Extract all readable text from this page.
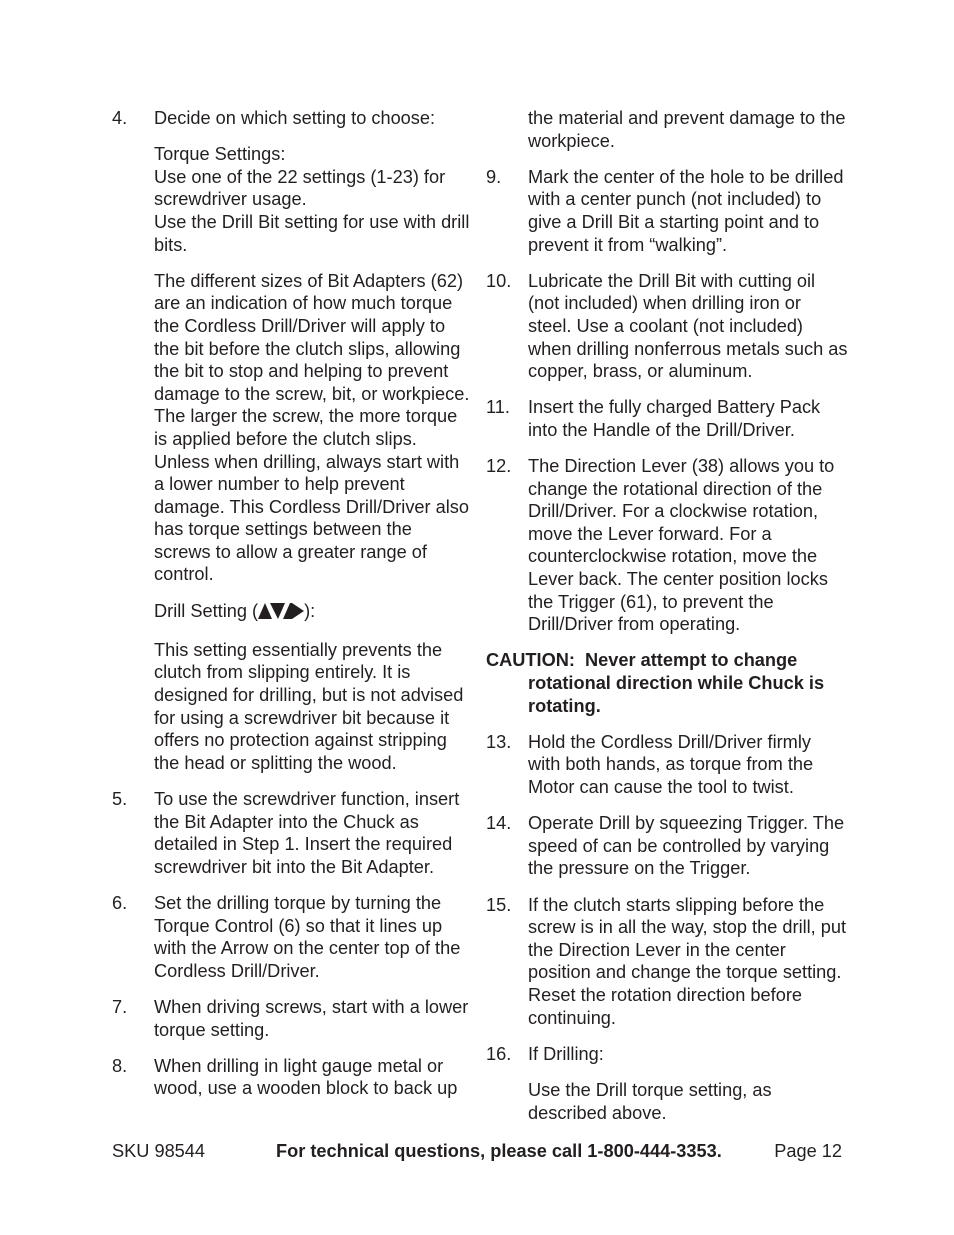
4. Decide on which setting to choose:

Torque Settings:
Use one of the 22 settings (1-23) for screwdriver usage.
Use the Drill Bit setting for use with drill bits.

The different sizes of Bit Adapters (62) are an indication of how much torque the Cordless Drill/Driver will apply to the bit before the clutch slips, allowing the bit to stop and helping to prevent damage to the screw, bit, or workpiece. The larger the screw, the more torque is applied before the clutch slips. Unless when drilling, always start with a lower number to help prevent damage. This Cordless Drill/Driver also has torque settings between the screws to allow a greater range of control.

Drill Setting (	):

This setting essentially prevents the clutch from slipping entirely. It is designed for drilling, but is not advised for using a screwdriver bit because it offers no protection against stripping the head or splitting the wood.

5. To use the screwdriver function, insert the Bit Adapter into the Chuck as detailed in Step 1. Insert the required screwdriver bit into the Bit Adapter.

6. Set the drilling torque by turning the Torque Control (6) so that it lines up with the Arrow on the center top of the Cordless Drill/Driver.

7. When driving screws, start with a lower torque setting.

8. When drilling in light gauge metal or wood, use a wooden block to back up

the material and prevent damage to the workpiece.

9. Mark the center of the hole to be drilled with a center punch (not included) to give a Drill Bit a starting point and to prevent it from “walking”.

10. Lubricate the Drill Bit with cutting oil (not included) when drilling iron or steel. Use a coolant (not included) when drilling nonferrous metals such as copper, brass, or aluminum.

11. Insert the fully charged Battery Pack into the Handle of the Drill/Driver.

12. The Direction Lever (38) allows you to change the rotational direction of the Drill/Driver. For a clockwise rotation, move the Lever forward. For a counterclockwise rotation, move the Lever back. The center position locks the Trigger (61), to prevent the Drill/Driver from operating.

CAUTION: Never attempt to change rotational direction while Chuck is rotating.
13. Hold the Cordless Drill/Driver firmly with both hands, as torque from the Motor can cause the tool to twist.

14. Operate Drill by squeezing Trigger. The speed of can be controlled by varying the pressure on the Trigger.

15. If the clutch starts slipping before the screw is in all the way, stop the drill, put the Direction Lever in the center position and change the torque setting. Reset the rotation direction before continuing.

16. If Drilling:

Use the Drill torque setting, as described above.

SKU 98544	For technical questions, please call 1-800-444-3353.	Page 12
